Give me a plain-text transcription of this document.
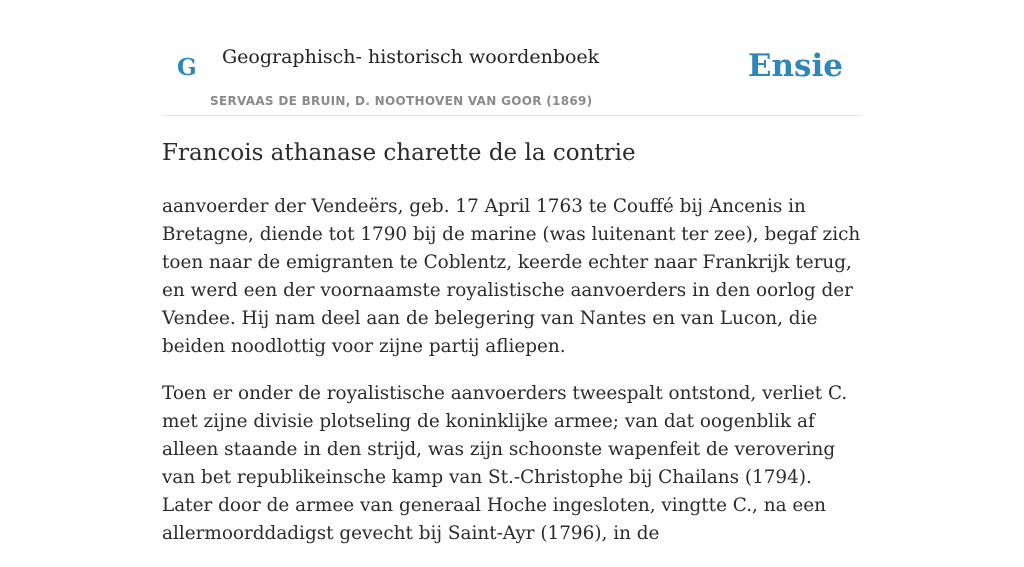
G Geographisch- historisch woordenboek
SERVAAS DE BRUIN, D. NOOTHOVEN VAN GOOR (1869)
Ensie
Francois athanase charette de la contrie

aanvoerder der Vendeërs, geb. 17 April 1763 te Couffé bij Ancenis in Bretagne, diende tot 1790 bij de marine (was luitenant ter zee), begaf zich toen naar de emigranten te Coblentz, keerde echter naar Frankrijk terug, en werd een der voornaamste royalistische aanvoerders in den oorlog der Vendee. Hij nam deel aan de belegering van Nantes en van Lucon, die beiden noodlottig voor zijne partij afliepen.

Toen er onder de royalistische aanvoerders tweespalt ontstond, verliet C. met zijne divisie plotseling de koninklijke armee; van dat oogenblik af alleen staande in den strijd, was zijn schoonste wapenfeit de verovering van bet republikeinsche kamp van St.-Christophe bij Chailans (1794). Later door de armee van generaal Hoche ingesloten, vingtte C., na een allermoorddadigst gevecht bij Saint-Ayr (1796), in de
